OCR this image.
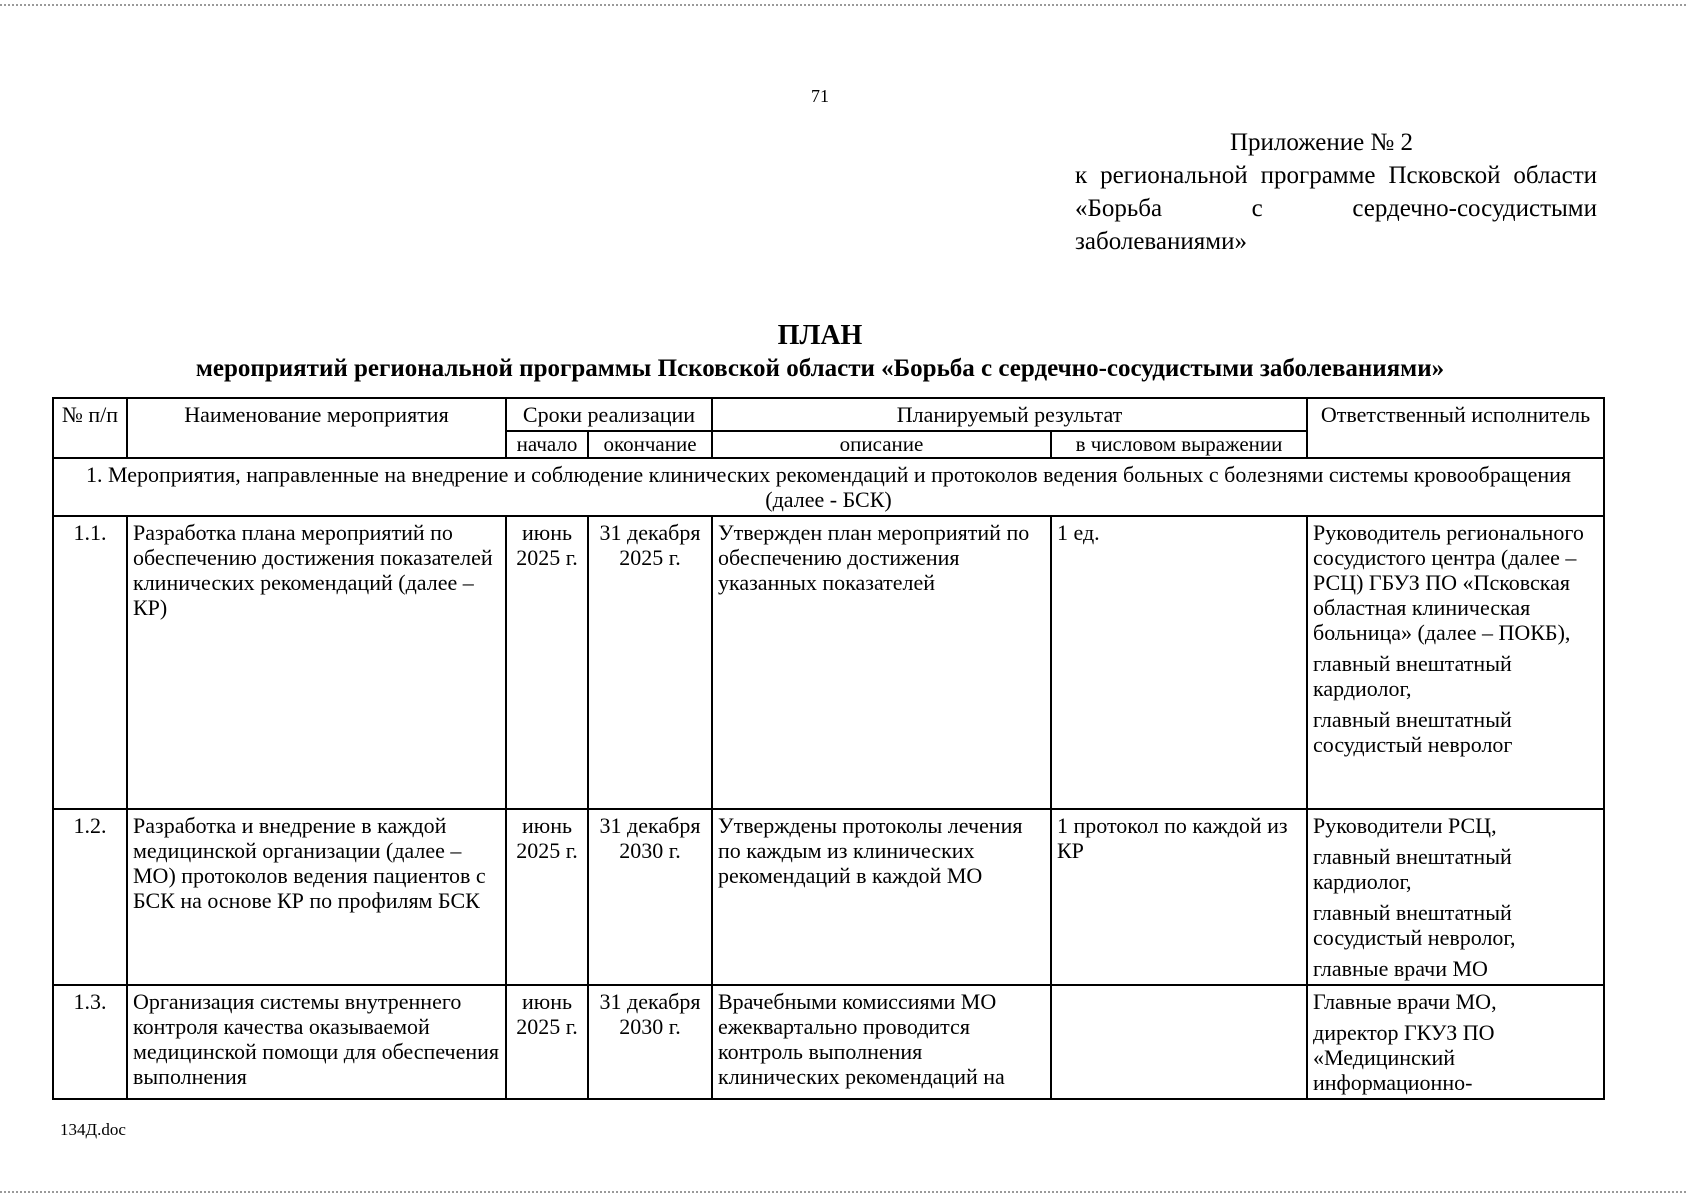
71
Приложение № 2
к региональной программе Псковской области «Борьба с сердечно-сосудистыми заболеваниями»
ПЛАН
мероприятий региональной программы Псковской области «Борьба с сердечно-сосудистыми заболеваниями»
№ п/п	Наименование мероприятия	Сроки реализации		Планируемый результат		Ответственный исполнитель
		начало	окончание	описание	в числовом выражении	
1. Мероприятия, направленные на внедрение и соблюдение клинических рекомендаций и протоколов ведения больных с болезнями системы кровообращения (далее - БСК)						
1.1.	Разработка плана мероприятий по обеспечению достижения показателей клинических рекомендаций (далее – КР)	июнь 2025 г.	31 декабря 2025 г.	Утвержден план мероприятий по обеспечению достижения указанных показателей	1 ед.	Руководитель регионального сосудистого центра (далее – РСЦ) ГБУЗ ПО «Псковская областная клиническая больница» (далее – ПОКБ),
главный внештатный кардиолог,
главный внештатный сосудистый невролог

1.2.	Разработка и внедрение в каждой медицинской организации (далее – МО) протоколов ведения пациентов с БСК на основе КР по профилям БСК	июнь 2025 г.	31 декабря 2030 г.	Утверждены протоколы лечения по каждым из клинических рекомендаций в каждой МО	1 протокол по каждой из КР	Руководители РСЦ,
главный внештатный кардиолог,
главный внештатный сосудистый невролог,
главные врачи МО

1.3.	Организация системы внутреннего контроля качества оказываемой медицинской помощи для обеспечения выполнения	июнь 2025 г.	31 декабря 2030 г.	Врачебными комиссиями МО ежеквартально проводится контроль выполнения клинических рекомендаций на		Главные врачи МО,
директор ГКУЗ ПО «Медицинский информационно-
134Д.doc
